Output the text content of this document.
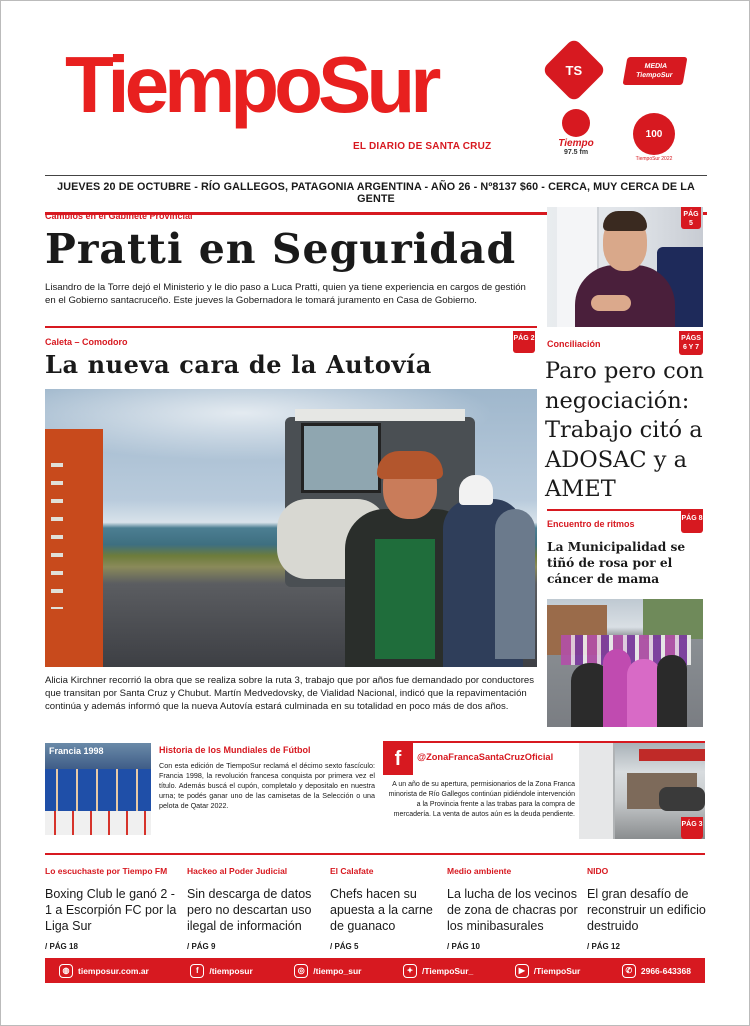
TiempoSur
EL DIARIO DE SANTA CRUZ
TS	MEDIA TiempoSur
Tiempo
97.5 fm
100
TiempoSur 2022
JUEVES 20 DE OCTUBRE - RÍO GALLEGOS, PATAGONIA ARGENTINA - AÑO 26 - Nº8137 $60 - CERCA, MUY CERCA DE LA GENTE
Cambios en el Gabinete Provincial
Pratti en Seguridad
Lisandro de la Torre dejó el Ministerio y le dio paso a Luca Pratti, quien ya tiene experiencia en cargos de gestión en el Gobierno santacruceño. Este jueves la Gobernadora le tomará juramento en Casa de Gobierno.
PÁG 5
Caleta – Comodoro	PÁG 2
La nueva cara de la Autovía
Alicia Kirchner recorrió la obra que se realiza sobre la ruta 3, trabajo que por años fue demandado por conductores que transitan por Santa Cruz y Chubut. Martín Medvedovsky, de Vialidad Nacional, indicó que la repavimentación continúa y además informó que la nueva Autovía estará culminada en su totalidad en poco más de dos años.
Conciliación
PÁGS 6 Y 7
Paro pero con negociación: Trabajo citó a ADOSAC y a AMET
Encuentro de ritmos
PÁG 8
La Municipalidad se tiñó de rosa por el cáncer de mama
Francia 1998	Historia de los Mundiales de Fútbol
Con esta edición de TiempoSur reclamá el décimo sexto fascículo: Francia 1998, la revolución francesa conquista por primera vez el título. Además buscá el cupón, completalo y depositalo en nuestra urna; te podés ganar uno de las camisetas de la Selección o una pelota de Qatar 2022.
f	@ZonaFrancaSantaCruzOficial
A un año de su apertura, permisionarios de la Zona Franca minorista de Río Gallegos continúan pidiéndole intervención a la Provincia frente a las trabas para la compra de mercadería. La venta de autos aún es la deuda pendiente.
PÁG 3
Lo escuchaste por Tiempo FM
Boxing Club le ganó 2 - 1 a Escorpión FC por la Liga Sur
/ PÁG 18
Hackeo al Poder Judicial
Sin descarga de datos pero no descartan uso ilegal de información
/ PÁG 9
El Calafate
Chefs hacen su apuesta a la carne de guanaco
/ PÁG 5
Medio ambiente
La lucha de los vecinos de zona de chacras por los minibasurales
/ PÁG 10
NIDO
El gran desafío de reconstruir un edificio destruido
/ PÁG 12
◍	tiemposur.com.ar	f	/tiemposur	◎	/tiempo_sur	✦	/TiempoSur_	▶	/TiempoSur	✆	2966-643368
